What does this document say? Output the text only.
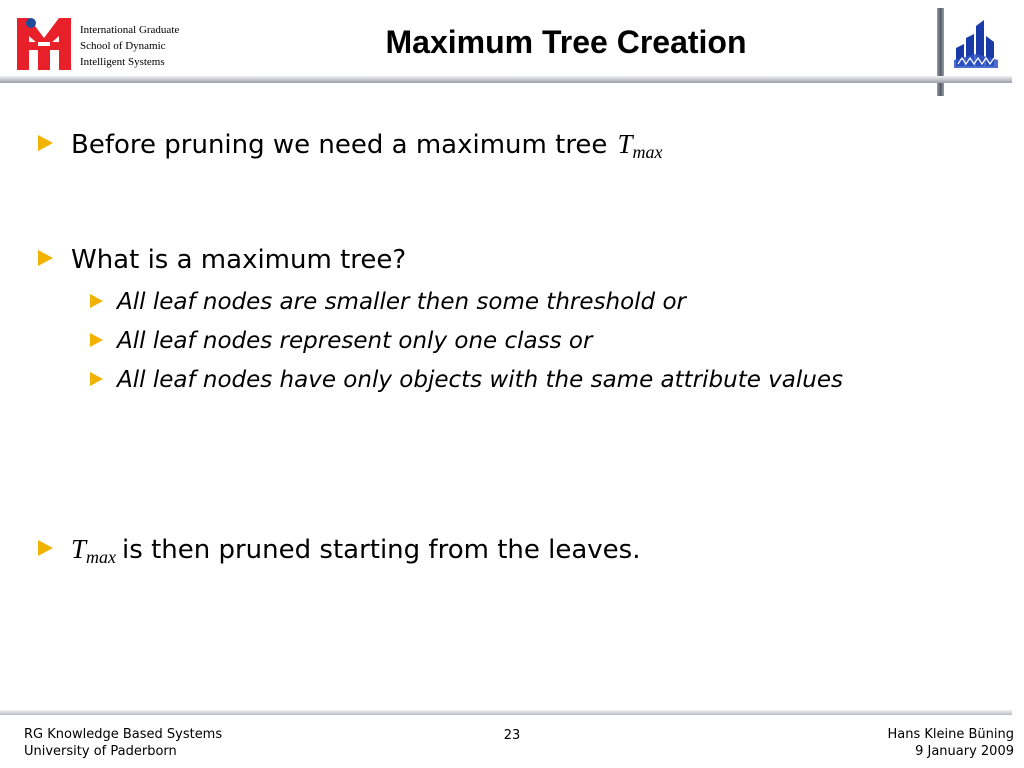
International Graduate
School of Dynamic
Intelligent Systems
Maximum Tree Creation
Before pruning we need a maximum tree $T_{max}$
What is a maximum tree?
All leaf nodes are smaller then some threshold or
All leaf nodes represent only one class or
All leaf nodes have only objects with the same attribute values
$T_{max}$ is then pruned starting from the leaves.
RG Knowledge Based Systems
University of Paderborn
23	Hans Kleine Büning
9 January 2009
